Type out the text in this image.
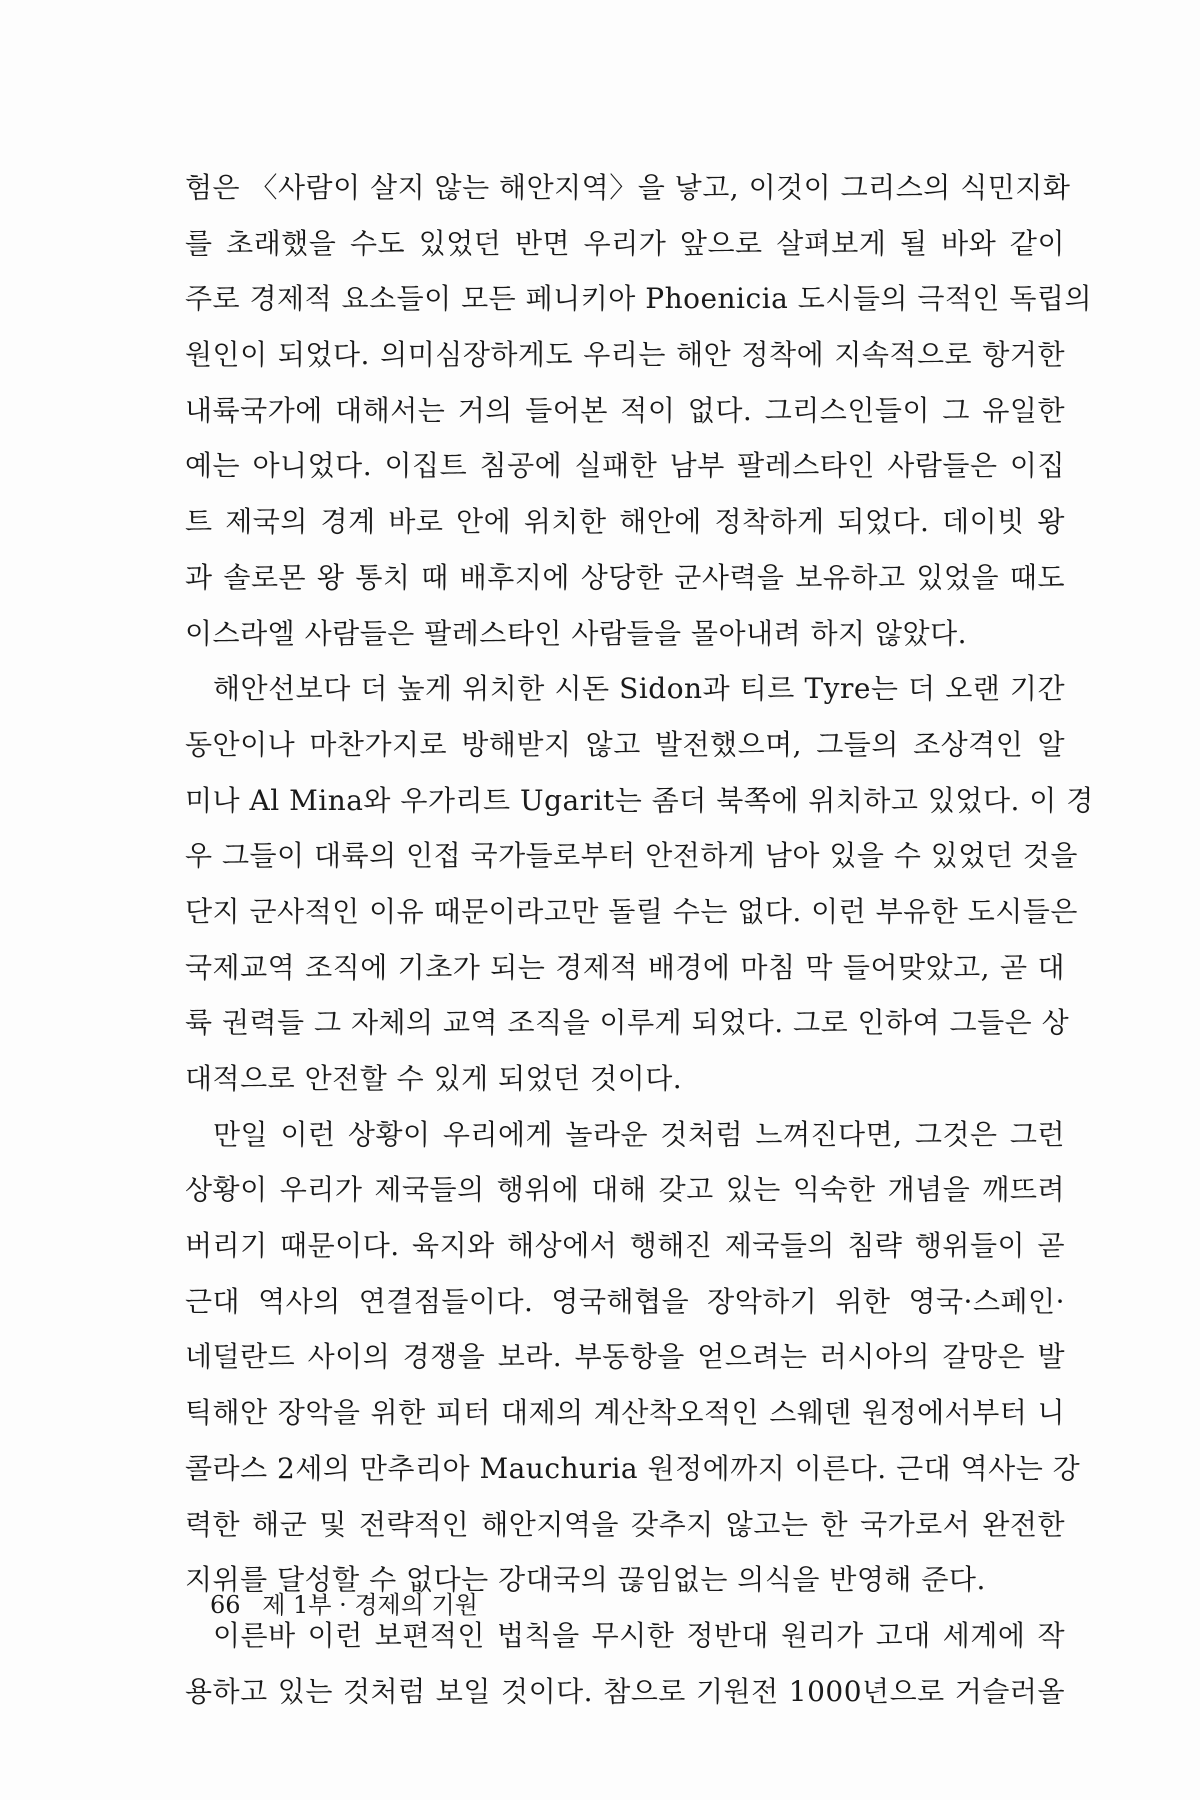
험은 〈사람이 살지 않는 해안지역〉을 낳고, 이것이 그리스의 식민지화
를 초래했을 수도 있었던 반면 우리가 앞으로 살펴보게 될 바와 같이
주로 경제적 요소들이 모든 페니키아 Phoenicia 도시들의 극적인 독립의
원인이 되었다. 의미심장하게도 우리는 해안 정착에 지속적으로 항거한
내륙국가에 대해서는 거의 들어본 적이 없다. 그리스인들이 그 유일한
예는 아니었다. 이집트 침공에 실패한 남부 팔레스타인 사람들은 이집
트 제국의 경계 바로 안에 위치한 해안에 정착하게 되었다. 데이빗 왕
과 솔로몬 왕 통치 때 배후지에 상당한 군사력을 보유하고 있었을 때도
이스라엘 사람들은 팔레스타인 사람들을 몰아내려 하지 않았다.
해안선보다 더 높게 위치한 시돈 Sidon과 티르 Tyre는 더 오랜 기간
동안이나 마찬가지로 방해받지 않고 발전했으며, 그들의 조상격인 알
미나 Al Mina와 우가리트 Ugarit는 좀더 북쪽에 위치하고 있었다. 이 경
우 그들이 대륙의 인접 국가들로부터 안전하게 남아 있을 수 있었던 것을
단지 군사적인 이유 때문이라고만 돌릴 수는 없다. 이런 부유한 도시들은
국제교역 조직에 기초가 되는 경제적 배경에 마침 막 들어맞았고, 곧 대
륙 권력들 그 자체의 교역 조직을 이루게 되었다. 그로 인하여 그들은 상
대적으로 안전할 수 있게 되었던 것이다.
만일 이런 상황이 우리에게 놀라운 것처럼 느껴진다면, 그것은 그런
상황이 우리가 제국들의 행위에 대해 갖고 있는 익숙한 개념을 깨뜨려
버리기 때문이다. 육지와 해상에서 행해진 제국들의 침략 행위들이 곧
근대 역사의 연결점들이다. 영국해협을 장악하기 위한 영국·스페인·
네덜란드 사이의 경쟁을 보라. 부동항을 얻으려는 러시아의 갈망은 발
틱해안 장악을 위한 피터 대제의 계산착오적인 스웨덴 원정에서부터 니
콜라스 2세의 만추리아 Mauchuria 원정에까지 이른다. 근대 역사는 강
력한 해군 및 전략적인 해안지역을 갖추지 않고는 한 국가로서 완전한
지위를 달성할 수 없다는 강대국의 끊임없는 의식을 반영해 준다.
이른바 이런 보편적인 법칙을 무시한 정반대 원리가 고대 세계에 작
용하고 있는 것처럼 보일 것이다. 참으로 기원전 1000년으로 거슬러올
66 제 1부 · 경제의 기원
